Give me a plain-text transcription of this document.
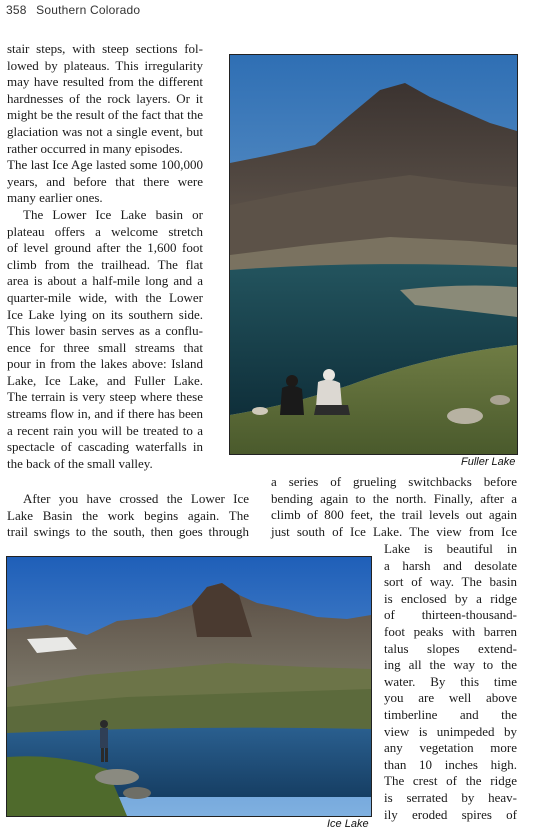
358 Southern Colorado
stair steps, with steep sections fol-
lowed by plateaus. This irregularity
may have resulted from the different
hardnesses of the rock layers. Or it
might be the result of the fact that the
glaciation was not a single event, but
rather occurred in many episodes.
The last Ice Age lasted some 100,000
years, and before that there were
many earlier ones.
The Lower Ice Lake basin or
plateau offers a welcome stretch
of level ground after the 1,600 foot
climb from the trailhead. The flat
area is about a half-mile long and a
quarter-mile wide, with the Lower
Ice Lake lying on its southern side.
This lower basin serves as a conflu-
ence for three small streams that
pour in from the lakes above: Island
Lake, Ice Lake, and Fuller Lake.
The terrain is very steep where these
streams flow in, and if there has been
a recent rain you will be treated to a
spectacle of cascading waterfalls in
the back of the small valley.	Fuller Lake
After you have crossed the Lower Ice
Lake Basin the work begins again. The
trail swings to the south, then goes through
a series of grueling switchbacks before
bending again to the north. Finally, after a
climb of 800 feet, the trail levels out again
just south of Ice Lake. The view from Ice
Lake is beautiful in
a harsh and desolate
sort of way. The basin
is enclosed by a ridge
of thirteen-thousand-
foot peaks with barren
talus slopes extend-
ing all the way to the
water. By this time
you are well above
timberline and the
view is unimpeded by
any vegetation more
than 10 inches high.
The crest of the ridge
is serrated by heav-
ily eroded spires of
Ice Lake
